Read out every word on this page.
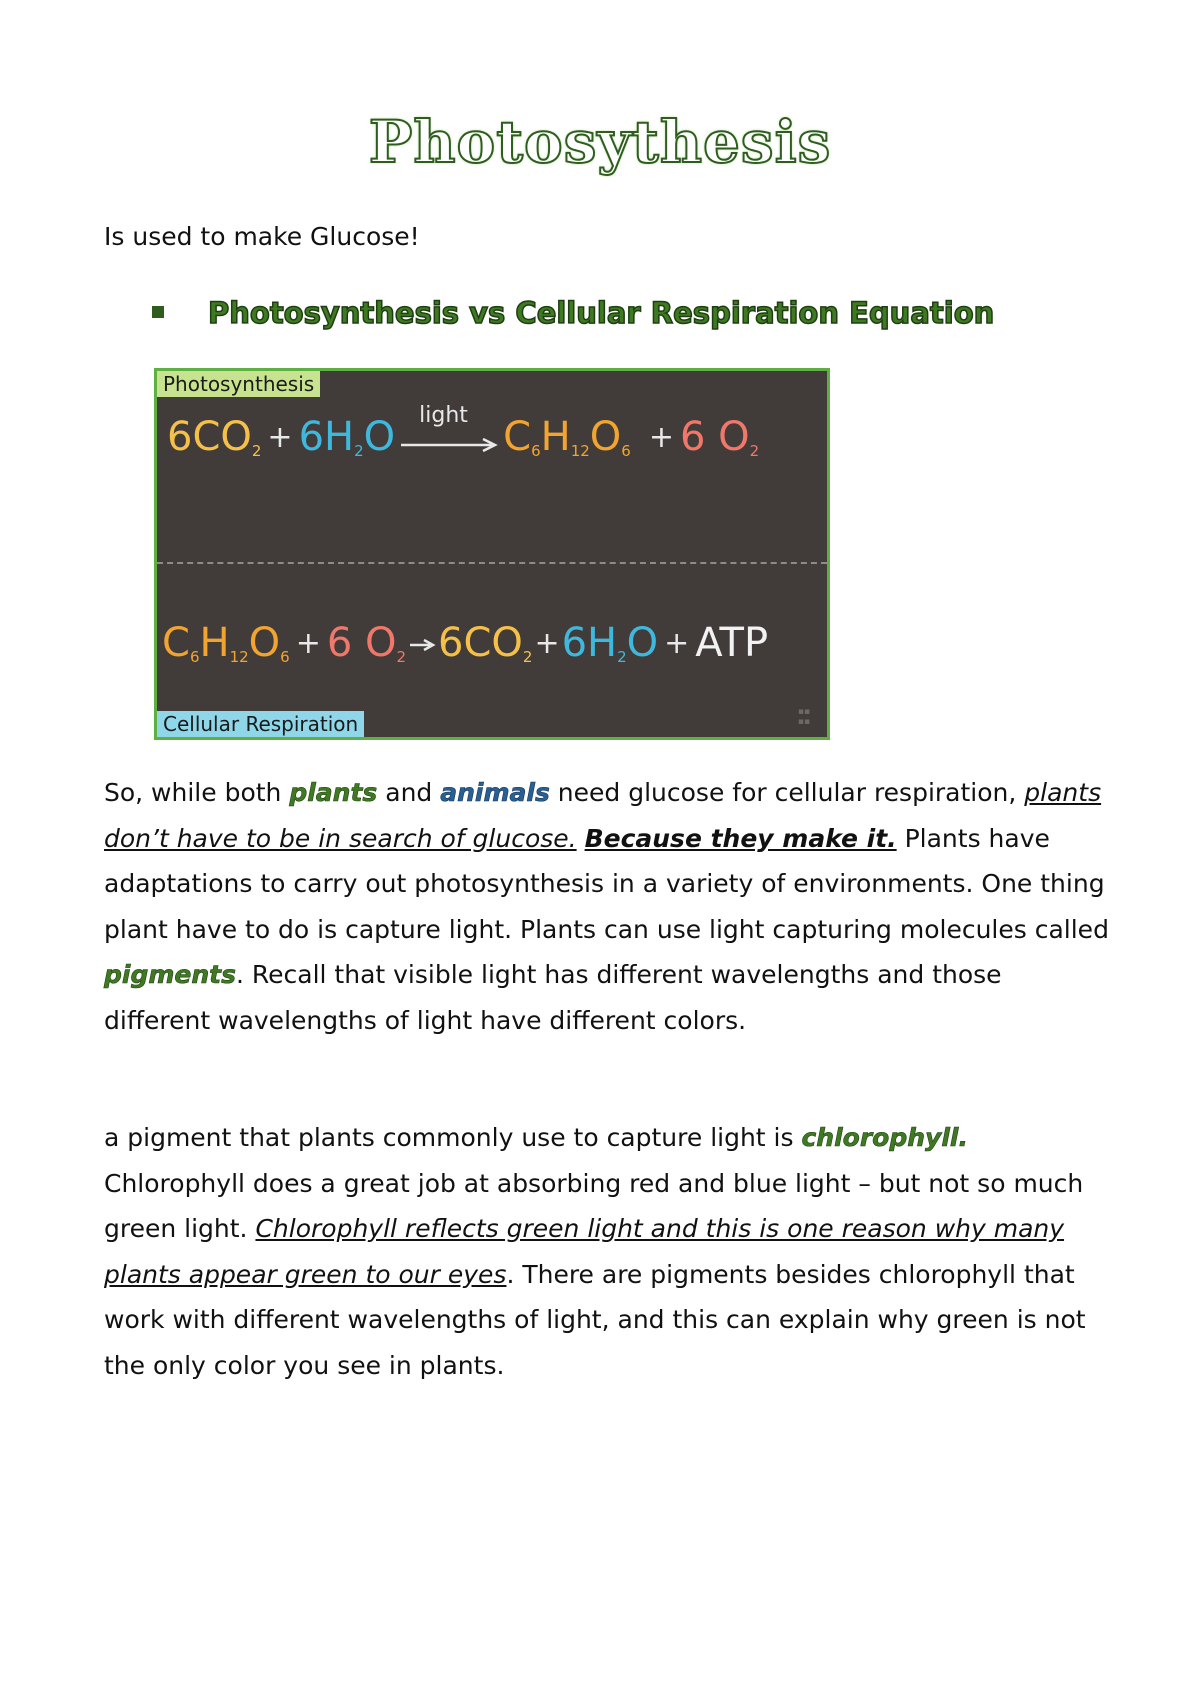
Photosythesis
Is used to make Glucose!
Photosynthesis vs Cellular Respiration Equation
Photosynthesis
$6CO_2 + 6H_2O$ light $C_6H_{12}O_6 + 6$ $O_2$
$C_6H_{12}O_6 + 6$ $O_2$ $6CO_2+6H_2O$ + ATP
Cellular Respiration	▪▪
▪▪
So, while both plants and animals need glucose for cellular respiration, plants don’t have to be in search of glucose. Because they make it. Plants have adaptations to carry out photosynthesis in a variety of environments. One thing plant have to do is capture light. Plants can use light capturing molecules called pigments. Recall that visible light has different wavelengths and those different wavelengths of light have different colors.
a pigment that plants commonly use to capture light is chlorophyll. Chlorophyll does a great job at absorbing red and blue light – but not so much green light. Chlorophyll reflects green light and this is one reason why many plants appear green to our eyes. There are pigments besides chlorophyll that work with different wavelengths of light, and this can explain why green is not the only color you see in plants.
